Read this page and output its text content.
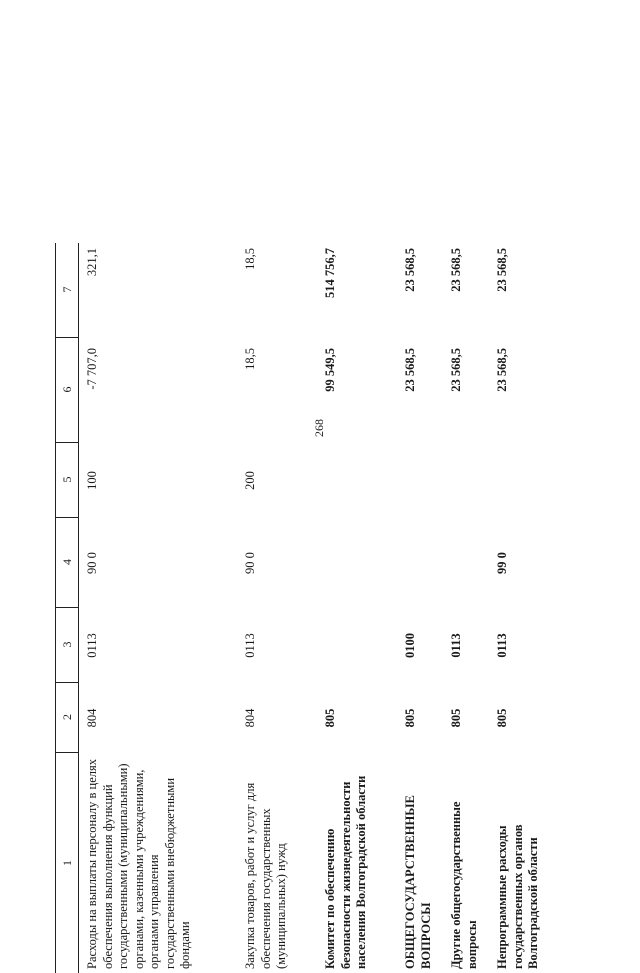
268
1
2
3
4
5
6
7
Расходы на выплаты персоналу в целях обеспечения выполнения функций государственными (муниципальными) органами, казенными учреждениями, органами управления государственными внебюджетными фондами
804
0113
90 0
100
-7 707,0
321,1
Закупка товаров, работ и услуг для обеспечения государственных (муниципальных) нужд
804
0113
90 0
200
18,5
18,5
Комитет по обеспечению безопасности жизнедеятельности населения Волгоградской области
805
99 549,5
514 756,7
ОБЩЕГОСУДАРСТВЕННЫЕ ВОПРОСЫ
805
0100
23 568,5
23 568,5
Другие общегосударственные вопросы
805
0113
23 568,5
23 568,5
Непрограммные расходы государственных органов Волгоградской области
805
0113
99 0
23 568,5
23 568,5
